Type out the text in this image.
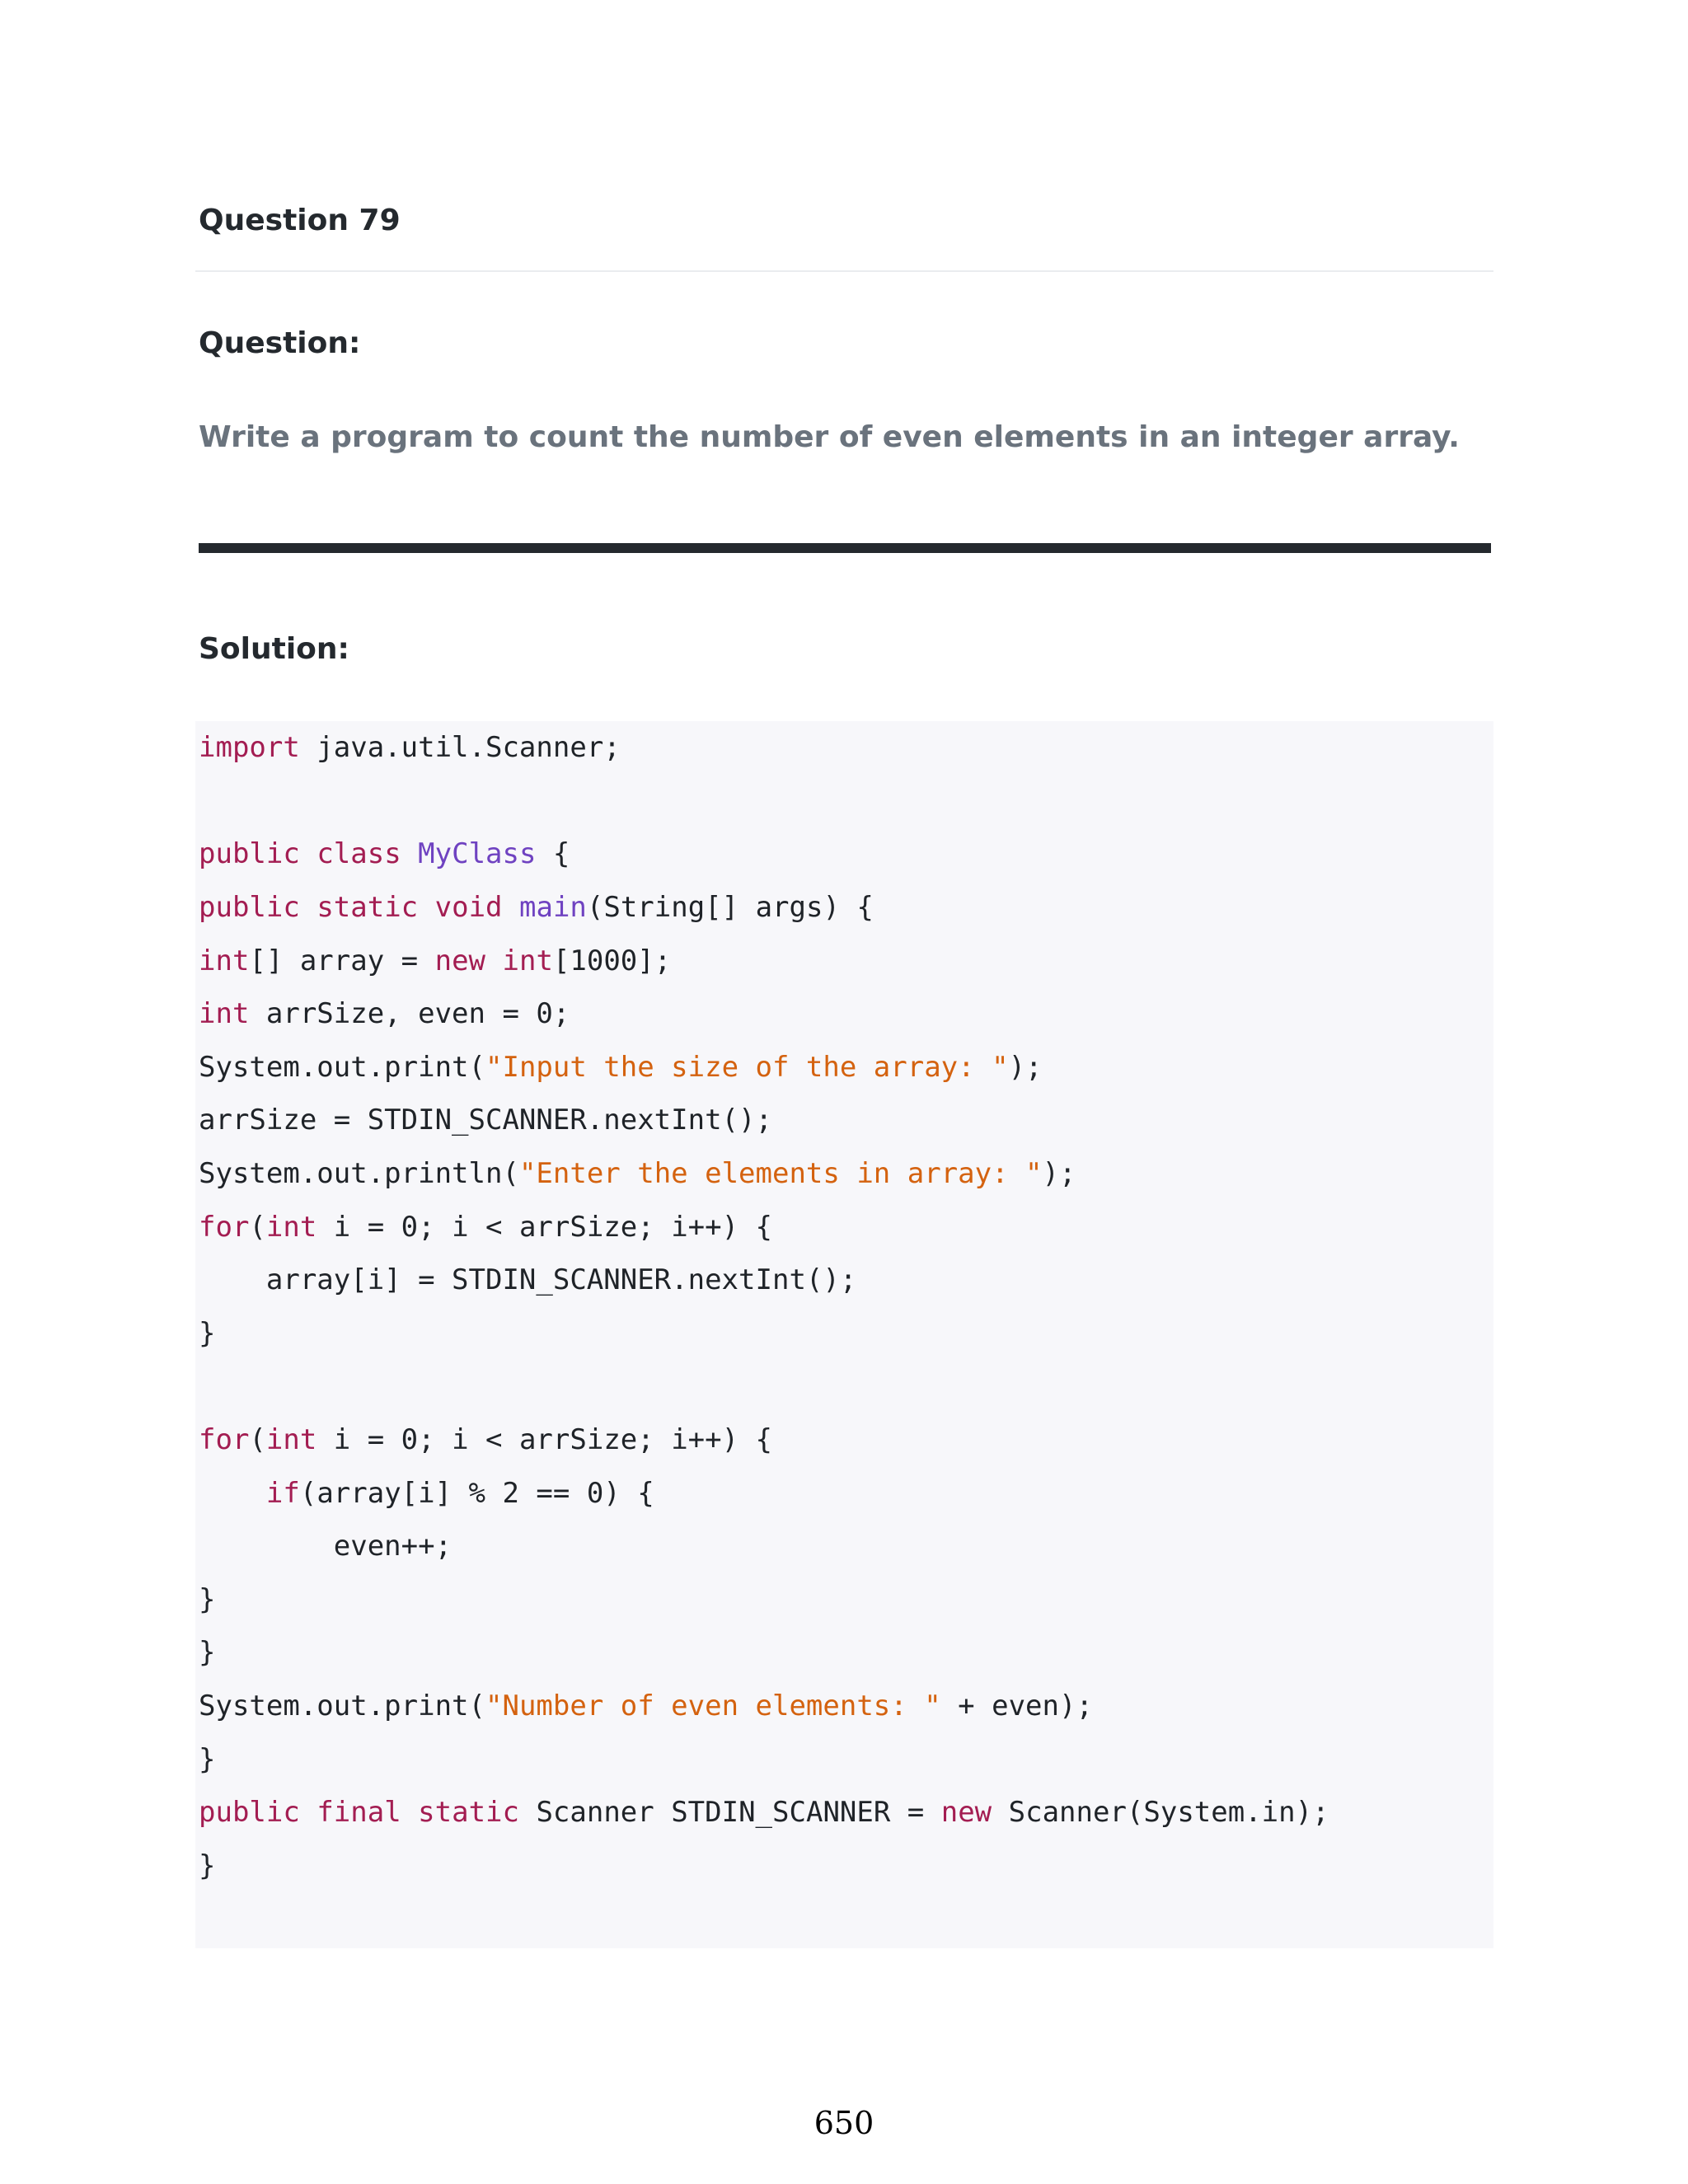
Question 79
Question:

Write a program to count the number of even elements in an integer array.

Solution:
import java.util.Scanner;
public
class
MyClass {
public
static
void
main (String[] args) {
int [] array = new
int [1000];
int arrSize, even = 0;
System.out.print( "Input the size of the array: " );
arrSize = STDIN_SCANNER.nextInt();
System.out.println( "Enter the elements in array: " );
for ( int i = 0; i < arrSize; i++) {
array[i] = STDIN_SCANNER.nextInt();
}
for ( int i = 0; i < arrSize; i++) {

if (array[i] % 2 == 0) {
even++;
}
}
System.out.print( "Number of even elements: " + even);
}
public
final
static Scanner STDIN_SCANNER = new Scanner(System.in);
}
650
